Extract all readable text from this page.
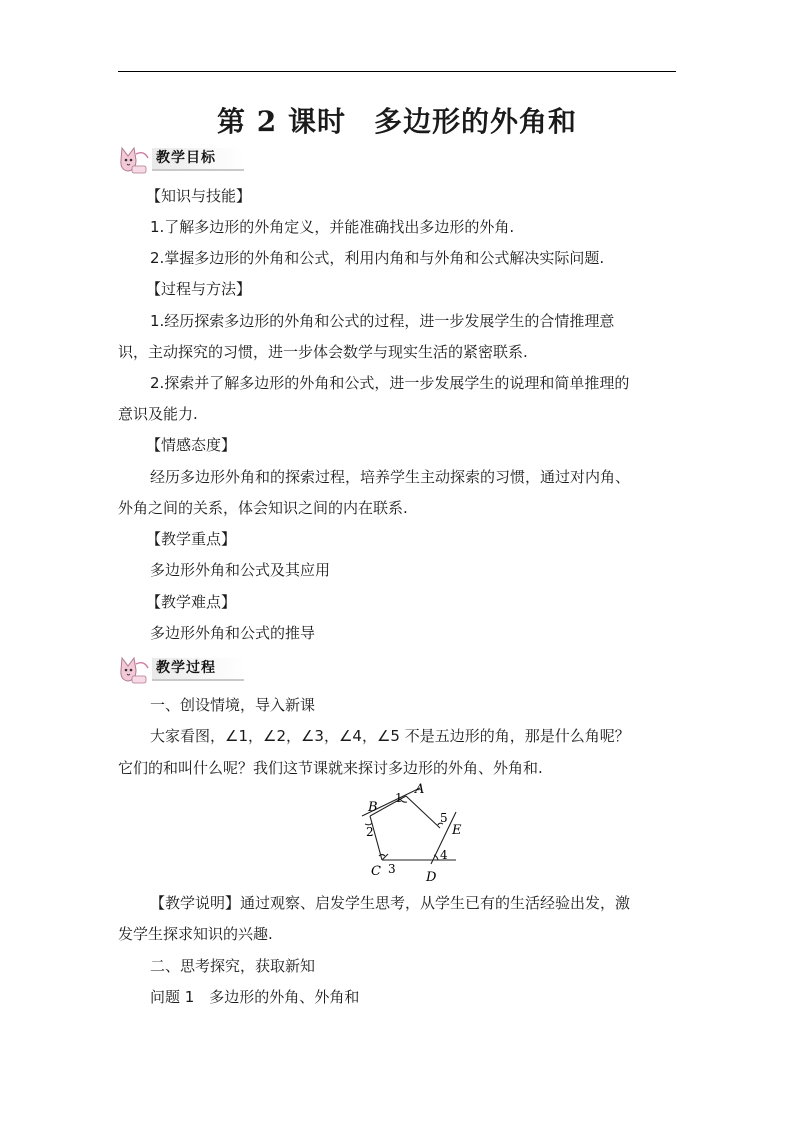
第 2 课时 多边形的外角和
教学目标
【知识与技能】
1.了解多边形的外角定义，并能准确找出多边形的外角.
2.掌握多边形的外角和公式，利用内角和与外角和公式解决实际问题.
【过程与方法】
1.经历探索多边形的外角和公式的过程，进一步发展学生的合情推理意
识，主动探究的习惯，进一步体会数学与现实生活的紧密联系.
2.探索并了解多边形的外角和公式，进一步发展学生的说理和简单推理的
意识及能力.
【情感态度】
经历多边形外角和的探索过程，培养学生主动探索的习惯，通过对内角、
外角之间的关系，体会知识之间的内在联系.
【教学重点】
多边形外角和公式及其应用
【教学难点】
多边形外角和公式的推导
教学过程
一、创设情境，导入新课
大家看图，∠1，∠2，∠3，∠4，∠5 不是五边形的角，那是什么角呢？
它们的和叫什么呢？我们这节课就来探讨多边形的外角、外角和.
B
A
E
D
C
1
2
3
4
5
【教学说明】通过观察、启发学生思考，从学生已有的生活经验出发，激
发学生探求知识的兴趣.
二、思考探究，获取新知
问题 1　多边形的外角、外角和
